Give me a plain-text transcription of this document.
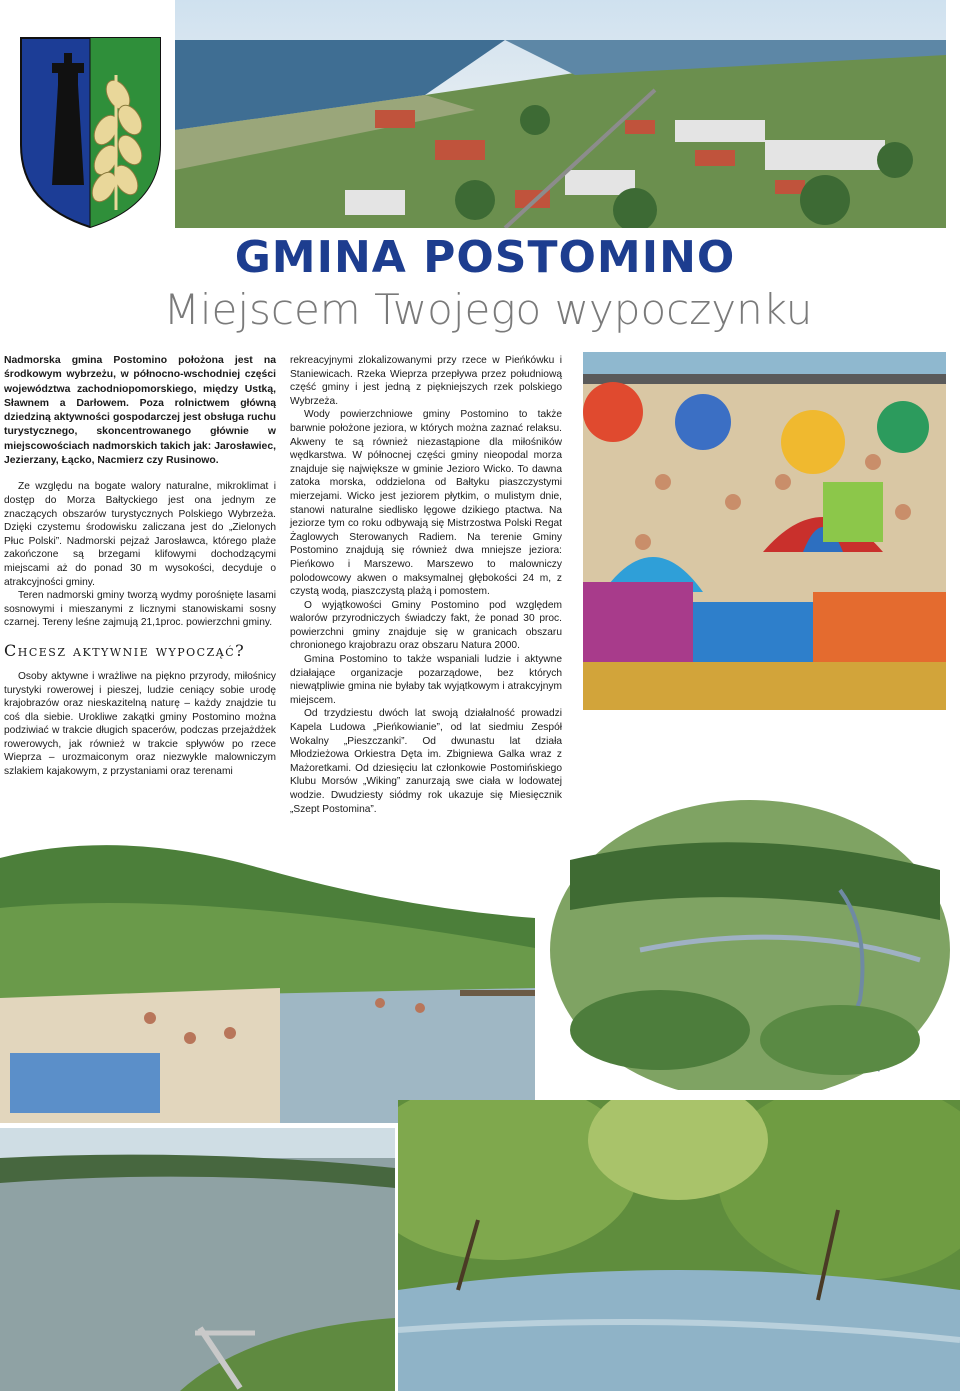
GMINA POSTOMINO
Miejscem Twojego wypoczynku

Nadmorska gmina Postomino położona jest na środkowym wybrzeżu, w północno-wschodniej części województwa zachodniopomorskiego, między Ustką, Sławnem a Darłowem. Poza rolnictwem główną dziedziną aktywności gospodarczej jest obsługa ruchu turystycznego, skoncentrowanego głównie w miejscowościach nadmorskich takich jak: Jarosławiec, Jezierzany, Łącko, Nacmierz czy Rusinowo.

Ze względu na bogate walory naturalne, mikroklimat i dostęp do Morza Bałtyckiego jest ona jednym ze znaczących obszarów turystycznych Polskiego Wybrzeża. Dzięki czystemu środowisku zaliczana jest do „Zielonych Płuc Polski”. Nadmorski pejzaż Jarosławca, którego plaże zakończone są brzegami klifowymi dochodzącymi miejscami aż do ponad 30 m wysokości, decyduje o atrakcyjności gminy.

Teren nadmorski gminy tworzą wydmy porośnięte lasami sosnowymi i mieszanymi z licznymi stanowiskami sosny czarnej. Tereny leśne zajmują 21,1proc. powierzchni gminy.

Chcesz aktywnie wypocząć?

Osoby aktywne i wrażliwe na piękno przyrody, miłośnicy turystyki rowerowej i pieszej, ludzie ceniący sobie urodę krajobrazów oraz nieskazitelną naturę – każdy znajdzie tu coś dla siebie. Urokliwe zakątki gminy Postomino można podziwiać w trakcie długich spacerów, podczas przejażdżek rowerowych, jak również w trakcie spływów po rzece Wieprza – urozmaiconym oraz niezwykle malowniczym szlakiem kajakowym, z przystaniami oraz terenami

rekreacyjnymi zlokalizowanymi przy rzece w Pieńkówku i Staniewicach. Rzeka Wieprza przepływa przez południową część gminy i jest jedną z piękniejszych rzek polskiego Wybrzeża.

Wody powierzchniowe gminy Postomino to także barwnie położone jeziora, w których można zaznać relaksu. Akweny te są również niezastąpione dla miłośników wędkarstwa. W północnej części gminy nieopodal morza znajduje się największe w gminie Jezioro Wicko. To dawna zatoka morska, oddzielona od Bałtyku piaszczystymi mierzejami. Wicko jest jeziorem płytkim, o mulistym dnie, stanowi naturalne siedlisko lęgowe dzikiego ptactwa. Na jeziorze tym co roku odbywają się Mistrzostwa Polski Regat Żaglowych Sterowanych Radiem. Na terenie Gminy Postomino znajdują się również dwa mniejsze jeziora: Pieńkowo i Marszewo. Marszewo to malowniczy polodowcowy akwen o maksymalnej głębokości 24 m, z czystą wodą, piaszczystą plażą i pomostem.

O wyjątkowości Gminy Postomino pod względem walorów przyrodniczych świadczy fakt, że ponad 30 proc. powierzchni gminy znajduje się w granicach obszaru chronionego krajobrazu oraz obszaru Natura 2000.

Gmina Postomino to także wspaniali ludzie i aktywne działające organizacje pozarządowe, bez których niewątpliwie gmina nie byłaby tak wyjątkowym i atrakcyjnym miejscem.

Od trzydziestu dwóch lat swoją działalność prowadzi Kapela Ludowa „Pieńkowianie”, od lat siedmiu Zespół Wokalny „Pieszczanki”. Od dwunastu lat działa Młodzieżowa Orkiestra Dęta im. Zbigniewa Galka wraz z Mażoretkami. Od dziesięciu lat członkowie Postomińskiego Klubu Morsów „Wiking” zanurzają swe ciała w lodowatej wodzie. Dwudziesty siódmy rok ukazuje się Miesięcznik „Szept Postomina”.
